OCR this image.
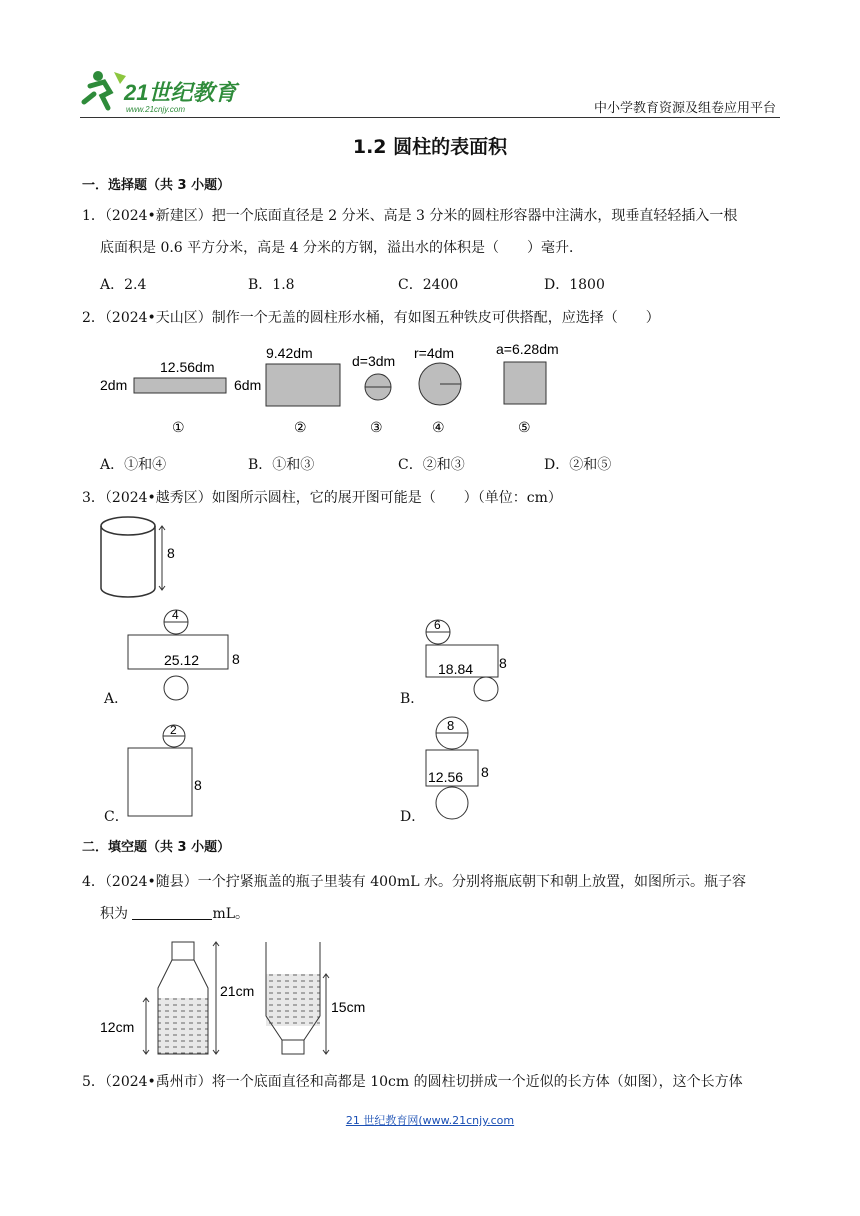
21世纪教育
www.21cnjy.com	中小学教育资源及组卷应用平台
1.2 圆柱的表面积
一．选择题（共 3 小题）
1．（2024•新建区）把一个底面直径是 2 分米、高是 3 分米的圆柱形容器中注满水，现垂直轻轻插入一根
底面积是 0.6 平方分米，高是 4 分米的方钢，溢出水的体积是（　　）毫升．
A．2.4	B．1.8	C．2400	D．1800
2．（2024•天山区）制作一个无盖的圆柱形水桶，有如图五种铁皮可供搭配，应选择（　　）
12.56dm
2dm
9.42dm
6dm
d=3dm r=4dm	a=6.28dm
①	②	③	④	⑤
A．①和④	B．①和③	C．②和③	D．②和⑤
3．（2024•越秀区）如图所示圆柱，它的展开图可能是（　　）（单位：cm）
8
A．
4
25.12 8
B．
6
18.84 8
C．
2
8
D．
8
12.56 8
二．填空题（共 3 小题）
4．（2024•随县）一个拧紧瓶盖的瓶子里装有 400mL 水。分别将瓶底朝下和朝上放置，如图所示。瓶子容
积为	mL。
12cm
21cm
15cm
5．（2024•禹州市）将一个底面直径和高都是 10cm 的圆柱切拼成一个近似的长方体（如图），这个长方体
21 世纪教育网(www.21cnjy.com
